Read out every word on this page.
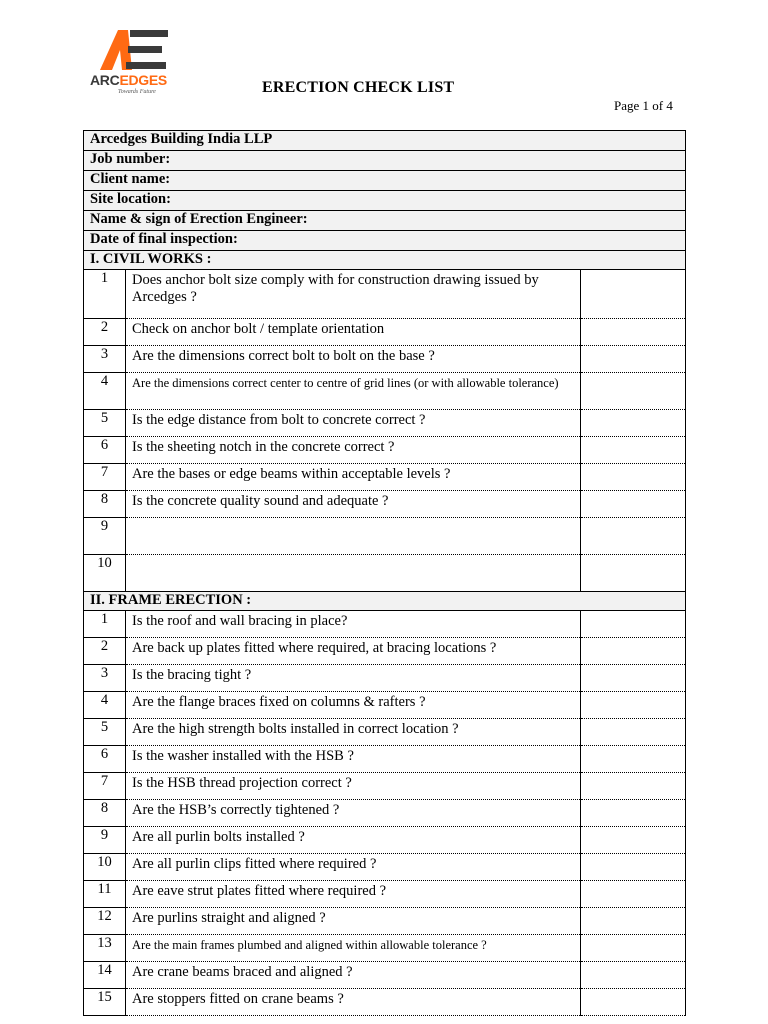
ARCEDGES
Towards Future	ERECTION CHECK LIST
Page 1 of 4
Arcedges Building India LLP		
Job number:		
Client name:		
Site location:		
Name & sign of Erection Engineer:		
Date of final inspection:		
I. CIVIL WORKS :		
1	Does anchor bolt size comply with for construction drawing issued by Arcedges ?	
2	Check on anchor bolt / template orientation	
3	Are the dimensions correct bolt to bolt on the base ?	
4	Are the dimensions correct center to centre of grid lines (or with allowable tolerance)	
5	Is the edge distance from bolt to concrete correct ?	
6	Is the sheeting notch in the concrete correct ?	
7	Are the bases or edge beams within acceptable levels ?	
8	Is the concrete quality sound and adequate ?	
9		
10		
II. FRAME ERECTION :		
1	Is the roof and wall bracing in place?	
2	Are back up plates fitted where required, at bracing locations ?	
3	Is the bracing tight ?	
4	Are the flange braces fixed on columns & rafters ?	
5	Are the high strength bolts installed in correct location ?	
6	Is the washer installed with the HSB ?	
7	Is the HSB thread projection correct ?	
8	Are the HSB’s correctly tightened ?	
9	Are all purlin bolts installed ?	
10	Are all purlin clips fitted where required ?	
11	Are eave strut plates fitted where required ?	
12	Are purlins straight and aligned ?	
13	Are the main frames plumbed and aligned within allowable tolerance ?	
14	Are crane beams braced and aligned ?	
15	Are stoppers fitted on crane beams ?	
